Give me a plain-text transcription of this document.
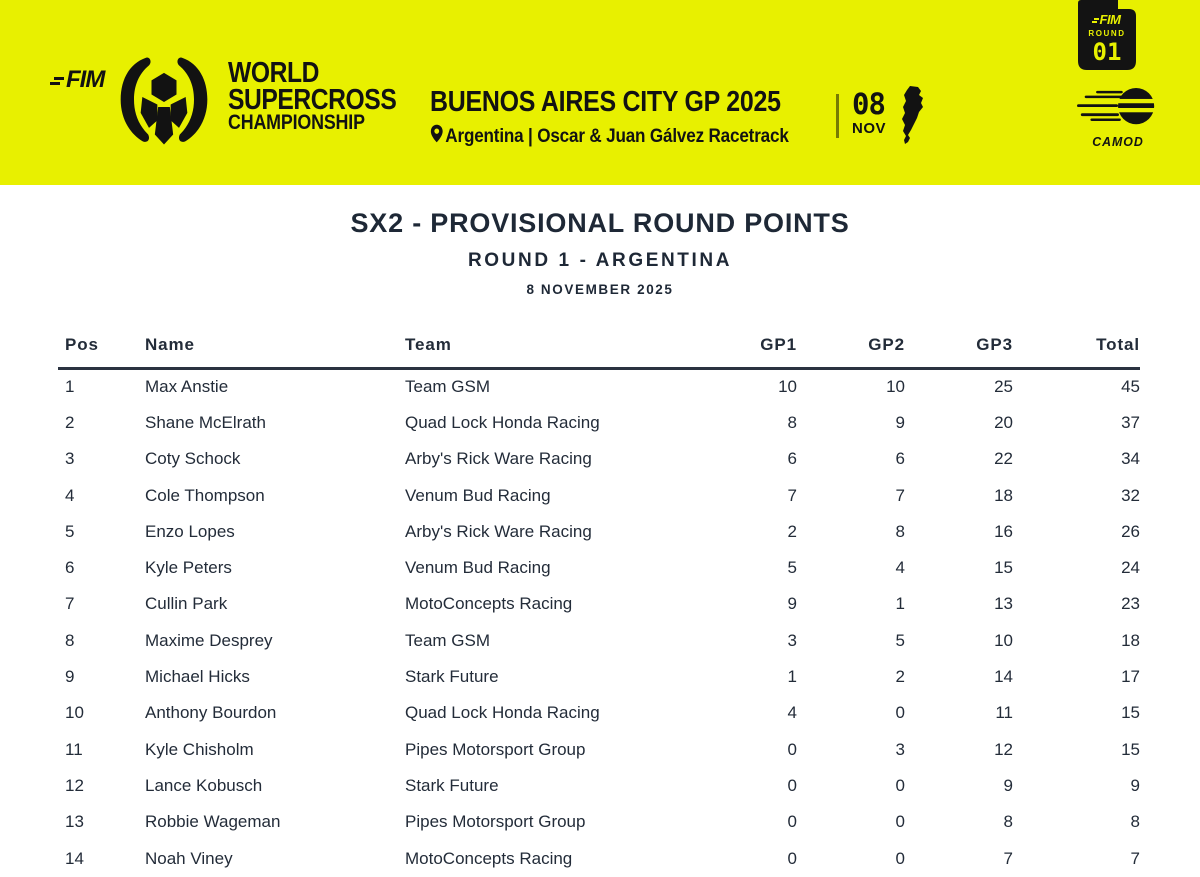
FIM	WORLD
SUPERCROSS
CHAMPIONSHIP
BUENOS AIRES CITY GP 2025
Argentina | Oscar & Juan Gálvez Racetrack
08
NOV
FIM
ROUND
01
CAMOD
SX2 - PROVISIONAL ROUND POINTS
ROUND 1 - ARGENTINA
8 NOVEMBER 2025
Pos	Name	Team	GP1	GP2	GP3	Total
1	Max Anstie	Team GSM	10	10	25	45
2	Shane McElrath	Quad Lock Honda Racing	8	9	20	37
3	Coty Schock	Arby's Rick Ware Racing	6	6	22	34
4	Cole Thompson	Venum Bud Racing	7	7	18	32
5	Enzo Lopes	Arby's Rick Ware Racing	2	8	16	26
6	Kyle Peters	Venum Bud Racing	5	4	15	24
7	Cullin Park	MotoConcepts Racing	9	1	13	23
8	Maxime Desprey	Team GSM	3	5	10	18
9	Michael Hicks	Stark Future	1	2	14	17
10	Anthony Bourdon	Quad Lock Honda Racing	4	0	11	15
11	Kyle Chisholm	Pipes Motorsport Group	0	3	12	15
12	Lance Kobusch	Stark Future	0	0	9	9
13	Robbie Wageman	Pipes Motorsport Group	0	0	8	8
14	Noah Viney	MotoConcepts Racing	0	0	7	7
